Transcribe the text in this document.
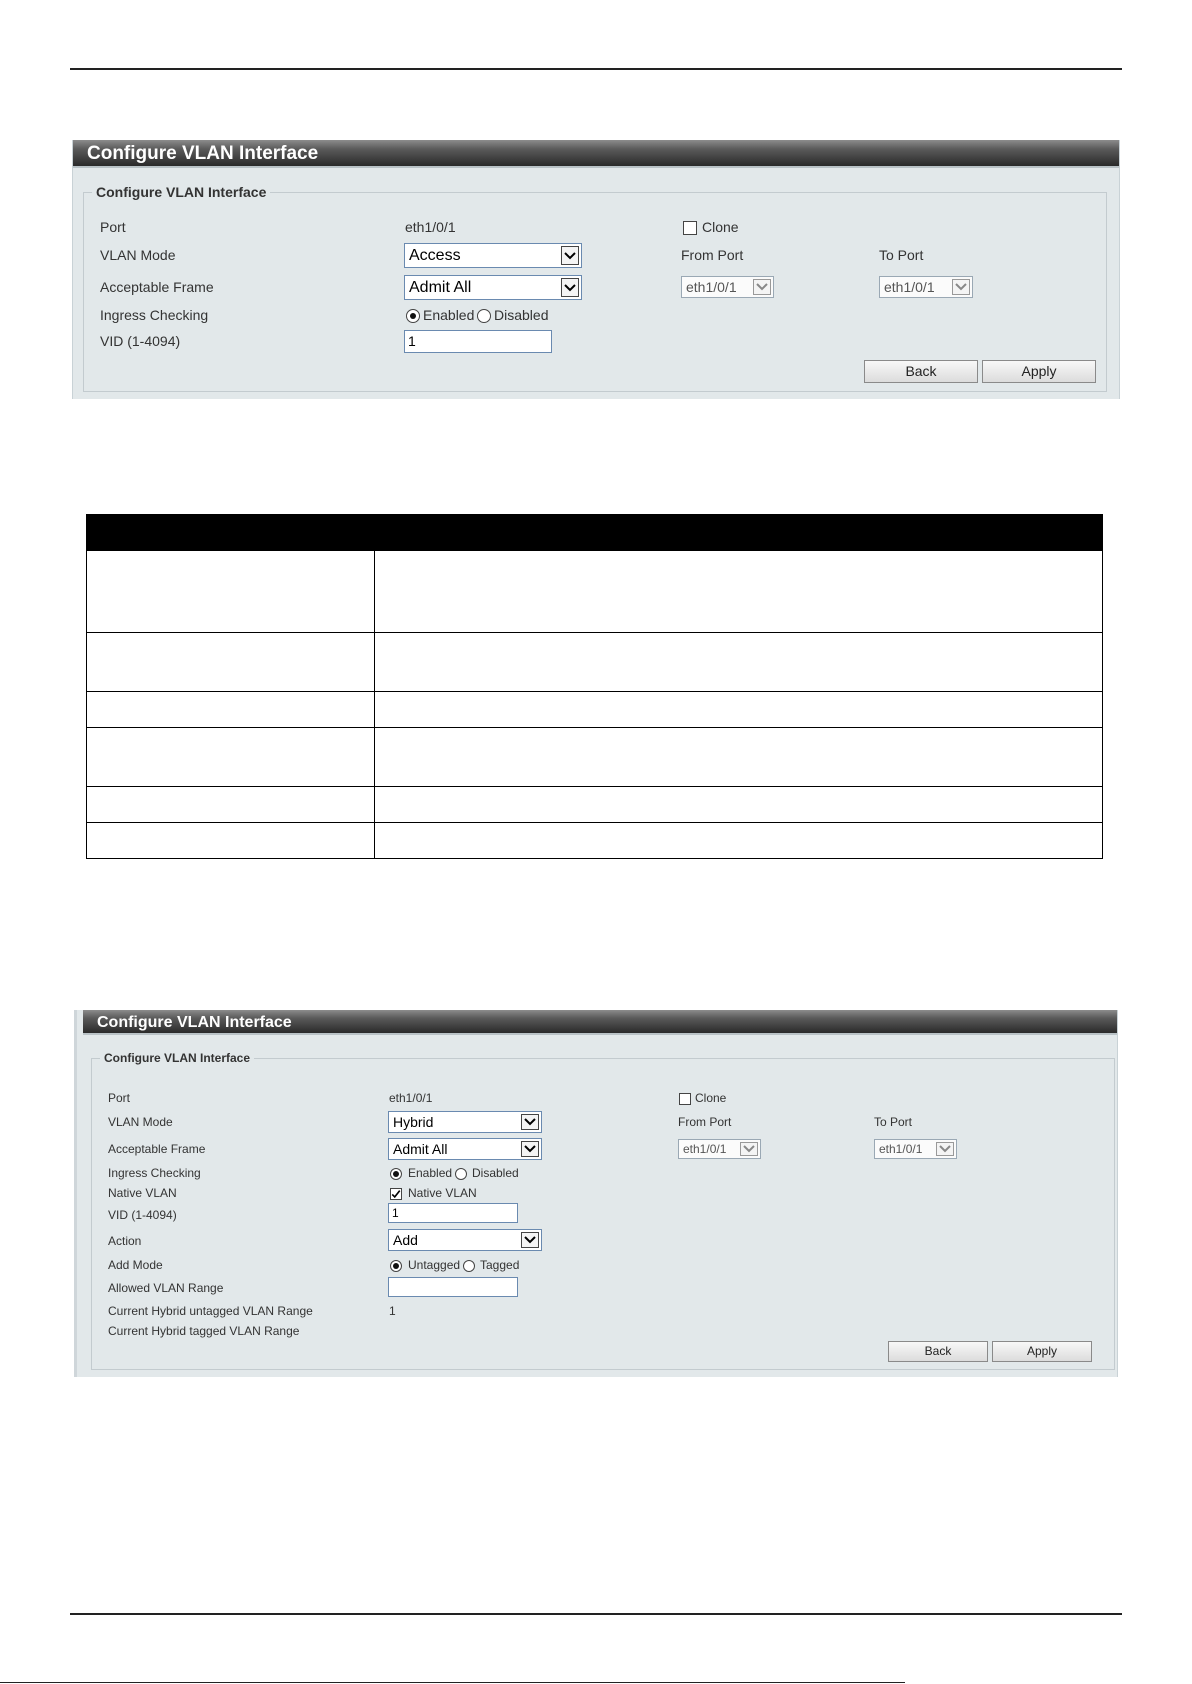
Configure VLAN Interface
Configure VLAN Interface
Port	eth1/0/1	Clone
VLAN Mode	Access	From Port	To Port
Acceptable Frame	Admit All	eth1/0/1	eth1/0/1
Ingress Checking	Enabled Disabled
VID (1-4094)	1
Back	Apply

Configure VLAN Interface
Configure VLAN Interface
Port	eth1/0/1	Clone
VLAN Mode	Hybrid	From Port	To Port
Acceptable Frame	Admit All	eth1/0/1	eth1/0/1
Ingress Checking	Enabled Disabled
Native VLAN	Native VLAN
VID (1-4094)	1
Action	Add
Add Mode	Untagged Tagged
Allowed VLAN Range
Current Hybrid untagged VLAN Range	1
Current Hybrid tagged VLAN Range
Back	Apply
